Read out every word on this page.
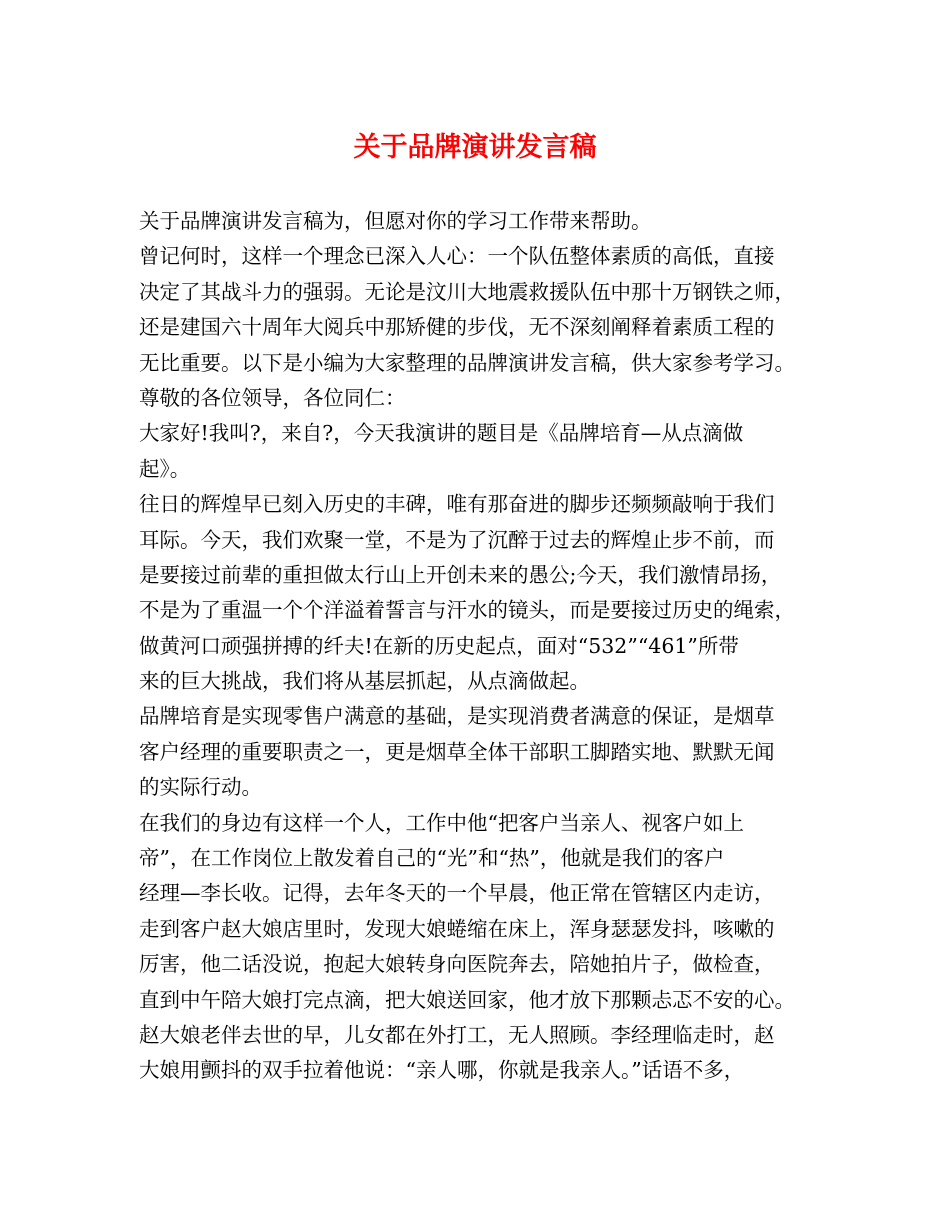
关于品牌演讲发言稿
关于品牌演讲发言稿为，但愿对你的学习工作带来帮助。
曾记何时，这样一个理念已深入人心：一个队伍整体素质的高低，直接
决定了其战斗力的强弱。无论是汶川大地震救援队伍中那十万钢铁之师，
还是建国六十周年大阅兵中那矫健的步伐，无不深刻阐释着素质工程的
无比重要。以下是小编为大家整理的品牌演讲发言稿，供大家参考学习。
尊敬的各位领导，各位同仁：
大家好!我叫?，来自?，今天我演讲的题目是《品牌培育—从点滴做
起》。
往日的辉煌早已刻入历史的丰碑，唯有那奋进的脚步还频频敲响于我们
耳际。今天，我们欢聚一堂，不是为了沉醉于过去的辉煌止步不前，而
是要接过前辈的重担做太行山上开创未来的愚公;今天，我们激情昂扬，
不是为了重温一个个洋溢着誓言与汗水的镜头，而是要接过历史的绳索，
做黄河口顽强拼搏的纤夫!在新的历史起点，面对“532”“461”所带
来的巨大挑战，我们将从基层抓起，从点滴做起。
品牌培育是实现零售户满意的基础，是实现消费者满意的保证，是烟草
客户经理的重要职责之一，更是烟草全体干部职工脚踏实地、默默无闻
的实际行动。
在我们的身边有这样一个人，工作中他“把客户当亲人、视客户如上
帝”，在工作岗位上散发着自己的“光”和“热”，他就是我们的客户
经理—李长收。记得，去年冬天的一个早晨，他正常在管辖区内走访，
走到客户赵大娘店里时，发现大娘蜷缩在床上，浑身瑟瑟发抖，咳嗽的
厉害，他二话没说，抱起大娘转身向医院奔去，陪她拍片子，做检查，
直到中午陪大娘打完点滴，把大娘送回家，他才放下那颗忐忑不安的心。
赵大娘老伴去世的早，儿女都在外打工，无人照顾。李经理临走时，赵
大娘用颤抖的双手拉着他说：“亲人哪，你就是我亲人。”话语不多，
